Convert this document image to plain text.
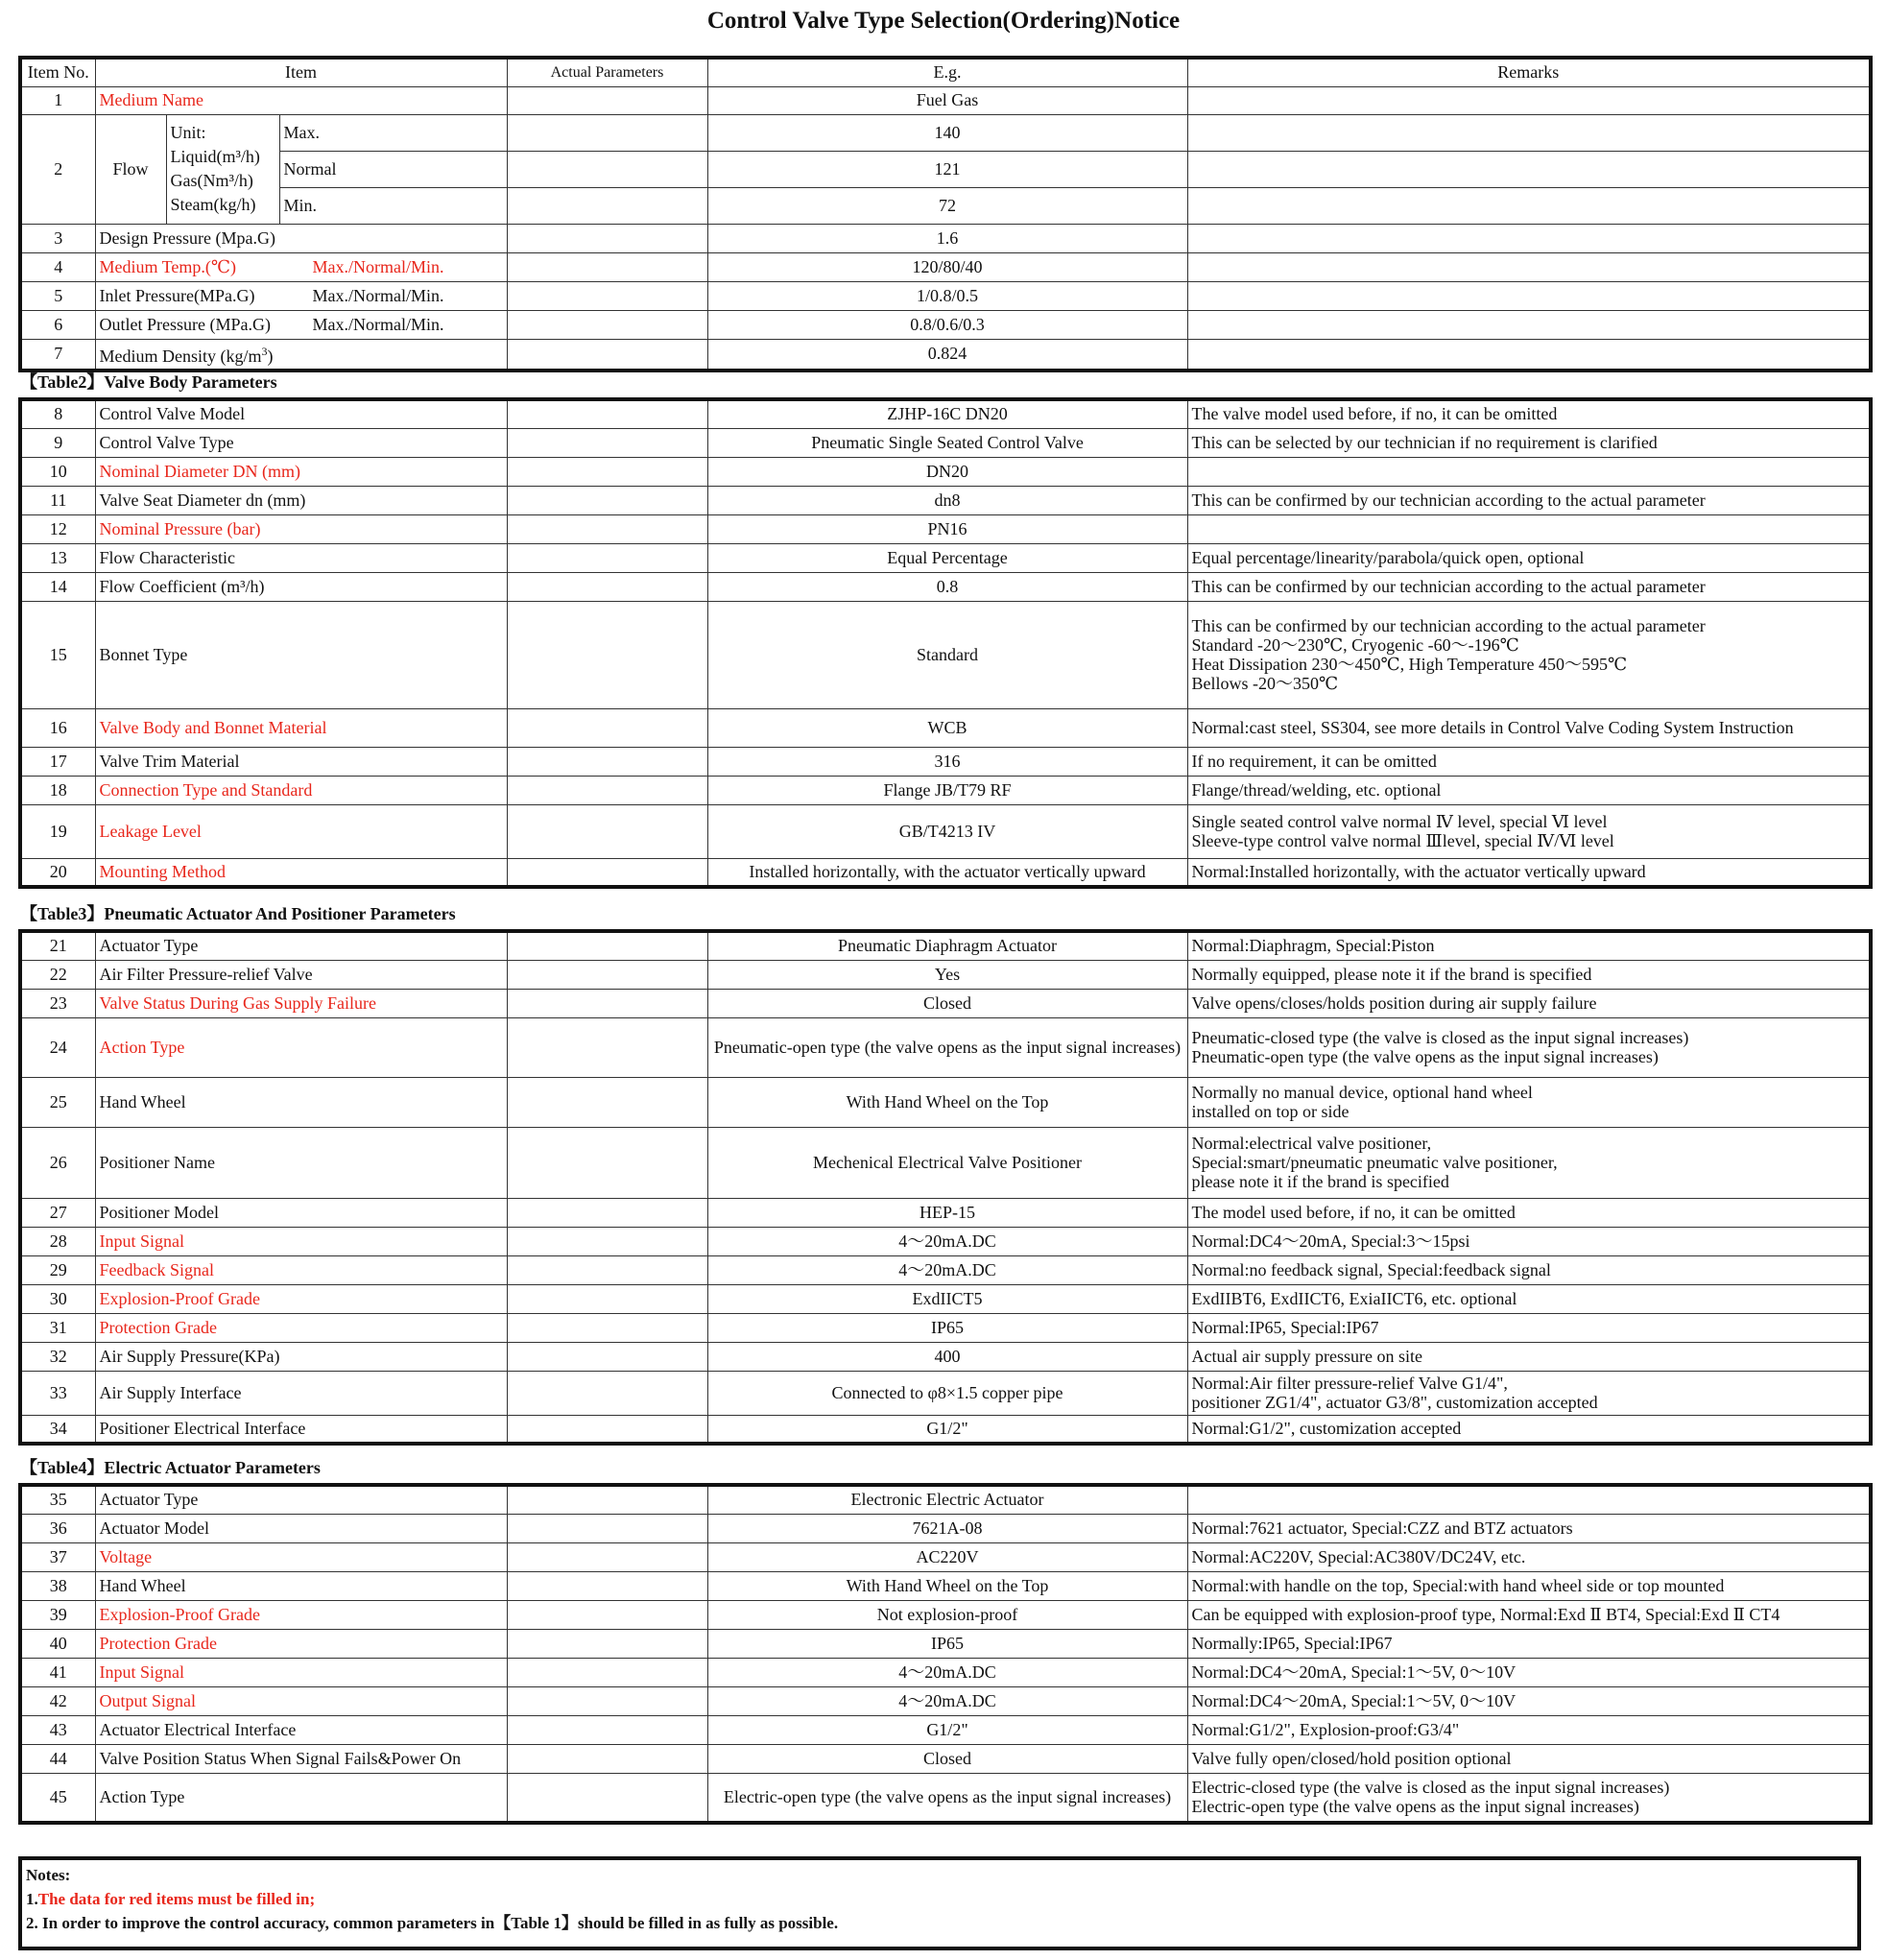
Control Valve Type Selection(Ordering)Notice
Item No.	Item			Actual Parameters	E.g.	Remarks
1	Medium Name				Fuel Gas	
2	Flow	Unit:
Liquid(m³/h)
Gas(Nm³/h)
Steam(kg/h)	Max.		140	
			Normal		121	
			Min.		72	
3	Design Pressure (Mpa.G)				1.6	
4	Medium Temp.(℃) Max./Normal/Min.				120/80/40	
5	Inlet Pressure(MPa.G) Max./Normal/Min.				1/0.8/0.5	
6	Outlet Pressure (MPa.G) Max./Normal/Min.				0.8/0.6/0.3	
7	Medium Density $(kg/m^3)$				0.824	
【Table2】Valve Body Parameters
8	Control Valve Model		ZJHP-16C DN20	The valve model used before, if no, it can be omitted
9	Control Valve Type		Pneumatic Single Seated Control Valve	This can be selected by our technician if no requirement is clarified
10	Nominal Diameter DN (mm)		DN20	
11	Valve Seat Diameter dn (mm)		dn8	This can be confirmed by our technician according to the actual parameter
12	Nominal Pressure (bar)		PN16	
13	Flow Characteristic		Equal Percentage	Equal percentage/linearity/parabola/quick open, optional
14	Flow Coefficient (m³/h)		0.8	This can be confirmed by our technician according to the actual parameter
15	Bonnet Type		Standard	This can be confirmed by our technician according to the actual parameter
Standard -20～230℃, Cryogenic -60～-196℃
Heat Dissipation 230～450℃, High Temperature 450～595℃
Bellows -20～350℃

16	Valve Body and Bonnet Material		WCB	Normal:cast steel, SS304, see more details in Control Valve Coding System Instruction
17	Valve Trim Material		316	If no requirement, it can be omitted
18	Connection Type and Standard		Flange JB/T79 RF	Flange/thread/welding, etc. optional
19	Leakage Level		GB/T4213 IV	Single seated control valve normal Ⅳ level, special Ⅵ level
Sleeve-type control valve normal Ⅲlevel, special Ⅳ/Ⅵ level

20	Mounting Method		Installed horizontally, with the actuator vertically upward	Normal:Installed horizontally, with the actuator vertically upward
【Table3】Pneumatic Actuator And Positioner Parameters
21	Actuator Type		Pneumatic Diaphragm Actuator	Normal:Diaphragm, Special:Piston
22	Air Filter Pressure-relief Valve		Yes	Normally equipped, please note it if the brand is specified
23	Valve Status During Gas Supply Failure		Closed	Valve opens/closes/holds position during air supply failure
24	Action Type		Pneumatic-open type (the valve opens as the input signal increases)	Pneumatic-closed type (the valve is closed as the input signal increases)
Pneumatic-open type (the valve opens as the input signal increases)

25	Hand Wheel		With Hand Wheel on the Top	Normally no manual device, optional hand wheel
installed on top or side

26	Positioner Name		Mechenical Electrical Valve Positioner	Normal:electrical valve positioner,
Special:smart/pneumatic pneumatic valve positioner,
please note it if the brand is specified

27	Positioner Model		HEP-15	The model used before, if no, it can be omitted
28	Input Signal		4～20mA.DC	Normal:DC4～20mA, Special:3～15psi
29	Feedback Signal		4～20mA.DC	Normal:no feedback signal, Special:feedback signal
30	Explosion-Proof Grade		ExdIICT5	ExdIIBT6, ExdIICT6, ExiaIICT6, etc. optional
31	Protection Grade		IP65	Normal:IP65, Special:IP67
32	Air Supply Pressure(KPa)		400	Actual air supply pressure on site
33	Air Supply Interface		Connected to φ8×1.5 copper pipe	Normal:Air filter pressure-relief Valve G1/4",
positioner ZG1/4", actuator G3/8", customization accepted

34	Positioner Electrical Interface		G1/2"	Normal:G1/2", customization accepted
【Table4】Electric Actuator Parameters
35	Actuator Type		Electronic Electric Actuator	
36	Actuator Model		7621A-08	Normal:7621 actuator, Special:CZZ and BTZ actuators
37	Voltage		AC220V	Normal:AC220V, Special:AC380V/DC24V, etc.
38	Hand Wheel		With Hand Wheel on the Top	Normal:with handle on the top, Special:with hand wheel side or top mounted
39	Explosion-Proof Grade		Not explosion-proof	Can be equipped with explosion-proof type, Normal:Exd Ⅱ BT4, Special:Exd Ⅱ CT4
40	Protection Grade		IP65	Normally:IP65, Special:IP67
41	Input Signal		4～20mA.DC	Normal:DC4～20mA, Special:1～5V, 0～10V
42	Output Signal		4～20mA.DC	Normal:DC4～20mA, Special:1～5V, 0～10V
43	Actuator Electrical Interface		G1/2"	Normal:G1/2", Explosion-proof:G3/4"
44	Valve Position Status When Signal Fails&Power On		Closed	Valve fully open/closed/hold position optional
45	Action Type		Electric-open type (the valve opens as the input signal increases)	Electric-closed type (the valve is closed as the input signal increases)
Electric-open type (the valve opens as the input signal increases)
Notes:
1.The data for red items must be filled in;
2. In order to improve the control accuracy, common parameters in【Table 1】should be filled in as fully as possible.
